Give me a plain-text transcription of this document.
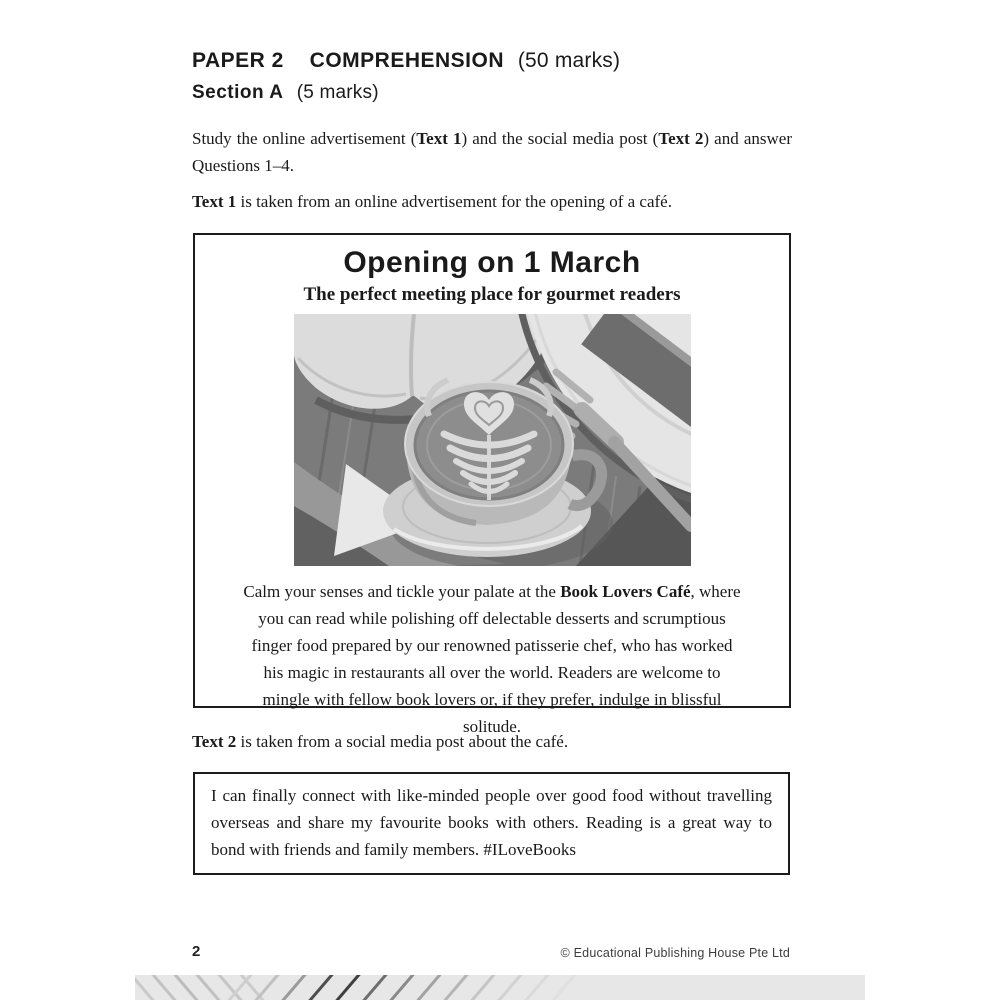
PAPER 2 COMPREHENSION (50 marks)
Section A (5 marks)

Study the online advertisement (Text 1) and the social media post (Text 2) and answer Questions 1–4.

Text 1 is taken from an online advertisement for the opening of a café.

Opening on 1 March
The perfect meeting place for gourmet readers

Calm your senses and tickle your palate at the Book Lovers Café, where you can read while polishing off delectable desserts and scrumptious finger food prepared by our renowned patisserie chef, who has worked his magic in restaurants all over the world. Readers are welcome to mingle with fellow book lovers or, if they prefer, indulge in blissful solitude.

Text 2 is taken from a social media post about the café.

I can finally connect with like-minded people over good food without travelling overseas and share my favourite books with others. Reading is a great way to bond with friends and family members. #ILoveBooks
2	© Educational Publishing House Pte Ltd
